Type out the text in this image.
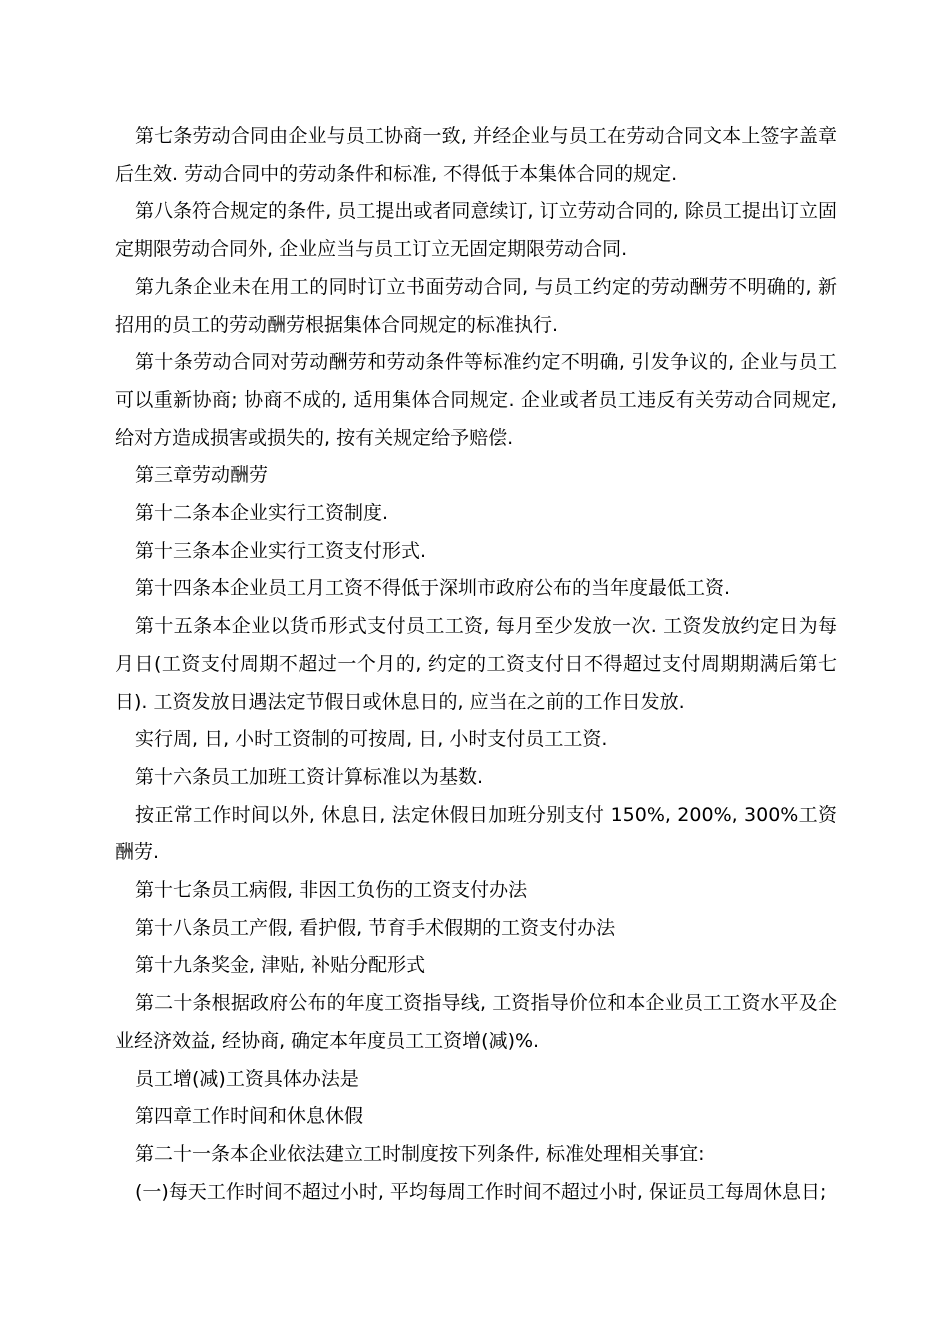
第七条劳动合同由企业与员工协商一致, 并经企业与员工在劳动合同文本上签字盖章后生效. 劳动合同中的劳动条件和标准, 不得低于本集体合同的规定.

第八条符合规定的条件, 员工提出或者同意续订, 订立劳动合同的, 除员工提出订立固定期限劳动合同外, 企业应当与员工订立无固定期限劳动合同.

第九条企业未在用工的同时订立书面劳动合同, 与员工约定的劳动酬劳不明确的, 新招用的员工的劳动酬劳根据集体合同规定的标准执行.

第十条劳动合同对劳动酬劳和劳动条件等标准约定不明确, 引发争议的, 企业与员工可以重新协商; 协商不成的, 适用集体合同规定. 企业或者员工违反有关劳动合同规定, 给对方造成损害或损失的, 按有关规定给予赔偿.

第三章劳动酬劳

第十二条本企业实行工资制度.

第十三条本企业实行工资支付形式.

第十四条本企业员工月工资不得低于深圳市政府公布的当年度最低工资.

第十五条本企业以货币形式支付员工工资, 每月至少发放一次. 工资发放约定日为每月日(工资支付周期不超过一个月的, 约定的工资支付日不得超过支付周期期满后第七日). 工资发放日遇法定节假日或休息日的, 应当在之前的工作日发放.

实行周, 日, 小时工资制的可按周, 日, 小时支付员工工资.

第十六条员工加班工资计算标准以为基数.

按正常工作时间以外, 休息日, 法定休假日加班分别支付 150%, 200%, 300%工资酬劳.

第十七条员工病假, 非因工负伤的工资支付办法

第十八条员工产假, 看护假, 节育手术假期的工资支付办法

第十九条奖金, 津贴, 补贴分配形式

第二十条根据政府公布的年度工资指导线, 工资指导价位和本企业员工工资水平及企业经济效益, 经协商, 确定本年度员工工资增(减)%.

员工增(减)工资具体办法是

第四章工作时间和休息休假

第二十一条本企业依法建立工时制度按下列条件, 标准处理相关事宜:

(一)每天工作时间不超过小时, 平均每周工作时间不超过小时, 保证员工每周休息日;
